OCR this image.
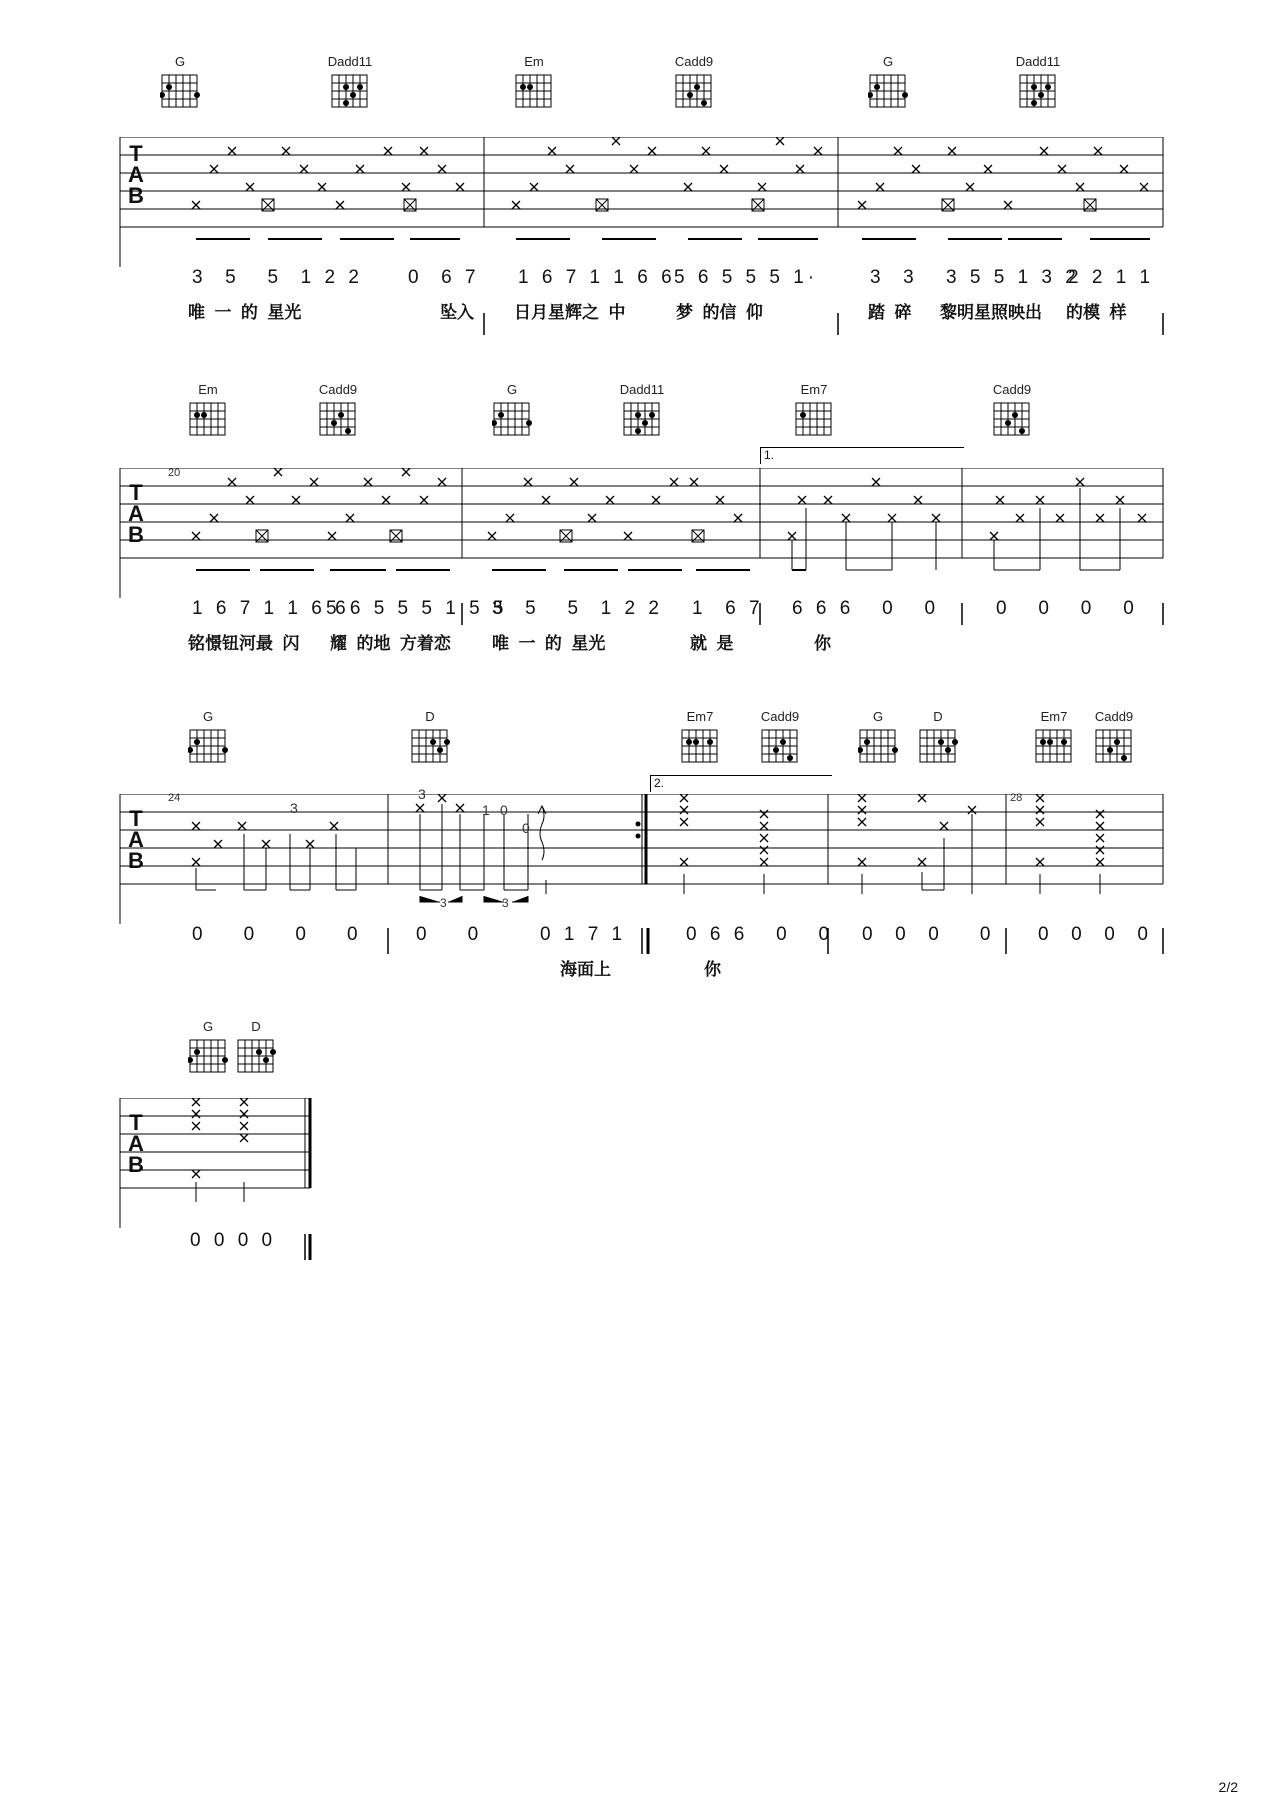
G	Dadd11	Em	Cadd9	G	Dadd11
T
A
B
3  5   5  1 2 2 0  6 7 1 6 7 1 1 6 6
5 6 5 5 5 1·	3  3 3 5 5 1 3 2
2 2 1 1
唯  一  的  星光	坠入 日月星辉之  中	梦  的信  仰	踏  碎 黎明星照映出 的模  样
Em	Cadd9	G	Dadd11	Em7	Cadd9
1.
20
T
A
B
1 6 7 1 1 6 6
5 6 5 5 5 1 5 5
3  5   5  1 2 2 1  6 7 6 6 6   0   0	0   0   0   0
铭憬钮河最  闪 耀  的地  方着恋 唯  一  的  星光	就  是	你
G	D	Em7	Cadd9	G	D	Em7	Cadd9
2.
24	28
T
A
B
3
3	1 0
0
3	3
0    0    0    0	0    0	0 1 7 1	0 6 6   0   0 0  0  0    0 0  0  0  0
海面上	你
G	D
T
A
B
0 0 0 0
2/2
